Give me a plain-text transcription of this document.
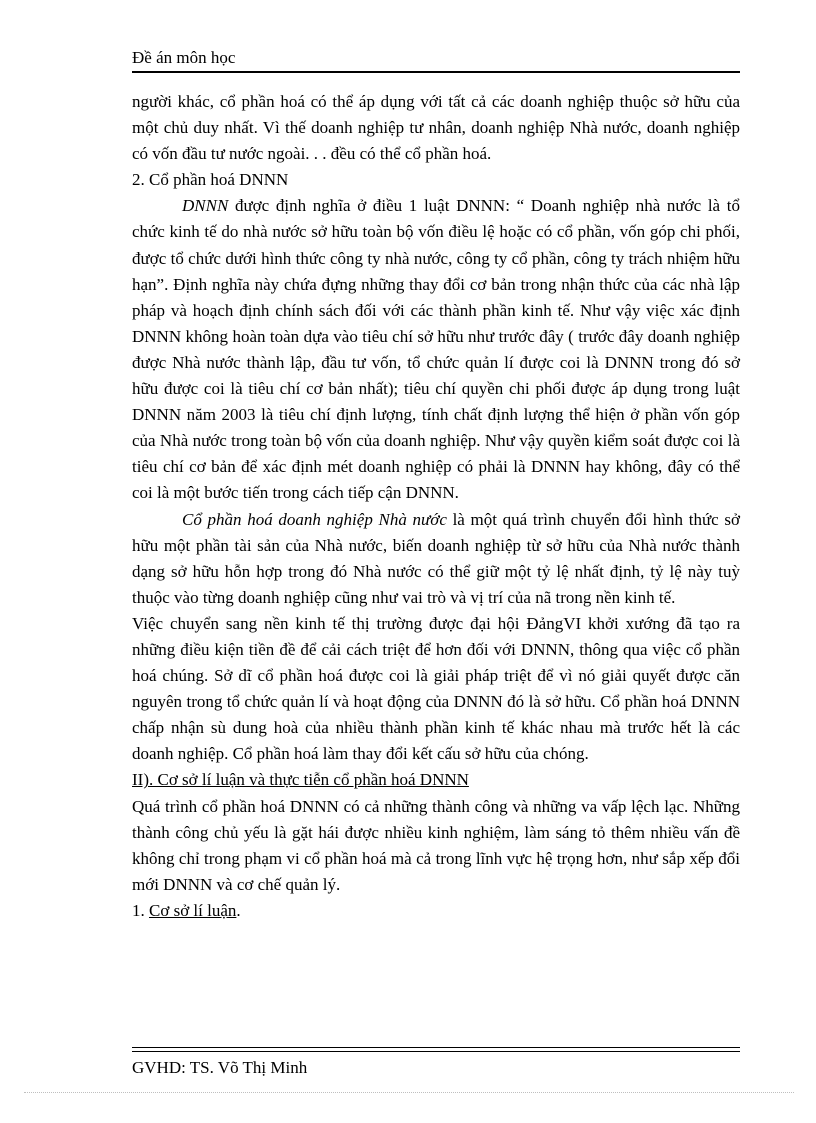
Đề án môn học

người khác, cổ phần hoá có thể áp dụng với tất cả các doanh nghiệp thuộc sở hữu của một chủ duy nhất. Vì thế doanh nghiệp tư nhân, doanh nghiệp Nhà nước, doanh nghiệp có vốn đầu tư nước ngoài. . . đều có thể cổ phần hoá.

2. Cổ phần hoá DNNN

DNNN được định nghĩa ở điều 1 luật DNNN: “ Doanh nghiệp nhà nước là tổ chức kinh tế do nhà nước sở hữu toàn bộ vốn điều lệ hoặc có cổ phần, vốn góp chi phối, được tổ chức dưới hình thức công ty nhà nước, công ty cổ phần, công ty trách nhiệm hữu hạn”. Định nghĩa này chứa đựng những thay đổi cơ bản trong nhận thức của các nhà lập pháp và hoạch định chính sách đối với các thành phần kinh tế. Như vậy việc xác định DNNN không hoàn toàn dựa vào tiêu chí sở hữu như trước đây ( trước đây doanh nghiệp được Nhà nước thành lập, đầu tư vốn, tổ chức quản lí được coi là DNNN trong đó sở hữu được coi là tiêu chí cơ bản nhất); tiêu chí quyền chi phối được áp dụng trong luật DNNN năm 2003 là tiêu chí định lượng, tính chất định lượng thể hiện ở phần vốn góp của Nhà nước trong toàn bộ vốn của doanh nghiệp. Như vậy quyền kiểm soát được coi là tiêu chí cơ bản để xác định mét doanh nghiệp có phải là DNNN hay không, đây có thể coi là một bước tiến trong cách tiếp cận DNNN.

Cổ phần hoá doanh nghiệp Nhà nước là một quá trình chuyển đổi hình thức sở hữu một phần tài sản của Nhà nước, biến doanh nghiệp từ sở hữu của Nhà nước thành dạng sở hữu hỗn hợp trong đó Nhà nước có thể giữ một tỷ lệ nhất định, tỷ lệ này tuỳ thuộc vào từng doanh nghiệp cũng như vai trò và vị trí của nã trong nền kinh tế.

Việc chuyển sang nền kinh tế thị trường được đại hội ĐảngVI khởi xướng đã tạo ra những điều kiện tiền đề để cải cách triệt để hơn đối với DNNN, thông qua việc cổ phần hoá chúng. Sở dĩ cổ phần hoá được coi là giải pháp triệt để vì nó giải quyết được căn nguyên trong tổ chức quản lí và hoạt động của DNNN đó là sở hữu. Cổ phần hoá DNNN chấp nhận sù dung hoà của nhiều thành phần kinh tế khác nhau mà trước hết là các doanh nghiệp. Cổ phần hoá làm thay đổi kết cấu sở hữu của chóng.

II). Cơ sở lí luận và thực tiễn cổ phần hoá DNNN

Quá trình cổ phần hoá DNNN có cả những thành công và những va vấp lệch lạc. Những thành công chủ yếu là gặt hái được nhiều kinh nghiệm, làm sáng tỏ thêm nhiều vấn đề không chỉ trong phạm vi cổ phần hoá mà cả trong lĩnh vực hệ trọng hơn, như sắp xếp đổi mới DNNN và cơ chế quản lý.

1. Cơ sở lí luận.

GVHD: TS. Võ Thị Minh
